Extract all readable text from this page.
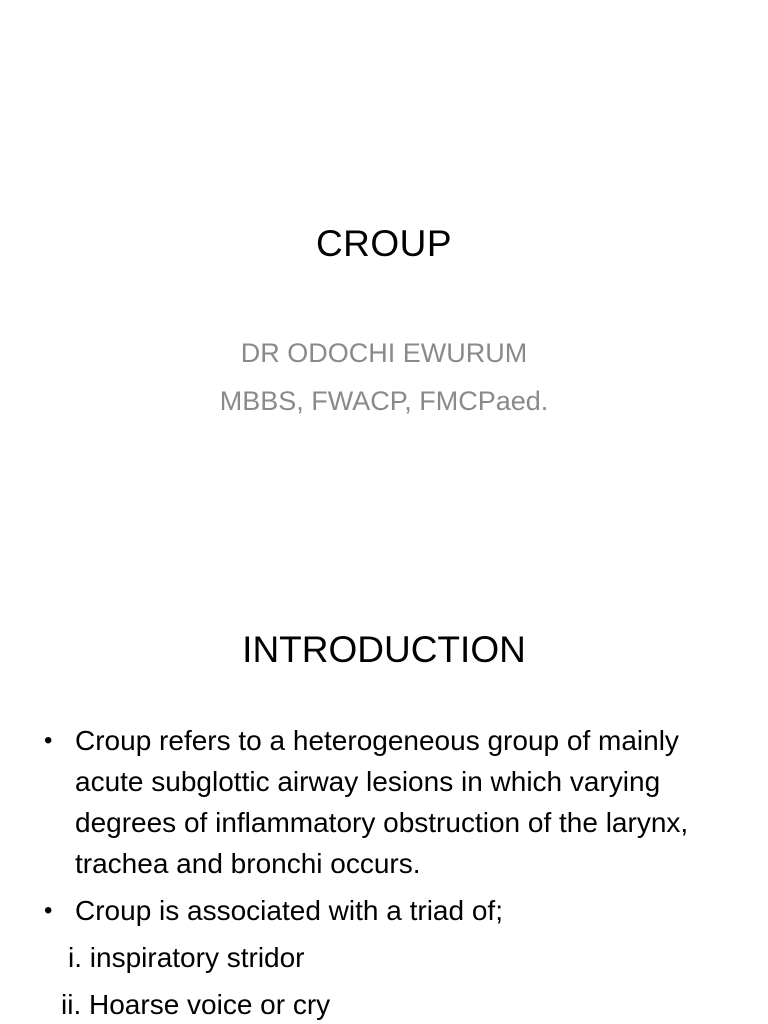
CROUP
DR ODOCHI EWURUM
MBBS, FWACP, FMCPaed.
INTRODUCTION
• Croup refers to a heterogeneous group of mainly acute subglottic airway lesions in which varying degrees of inflammatory obstruction of the larynx, trachea and bronchi occurs.
• Croup is associated with a triad of;
i. inspiratory stridor
ii. Hoarse voice or cry
